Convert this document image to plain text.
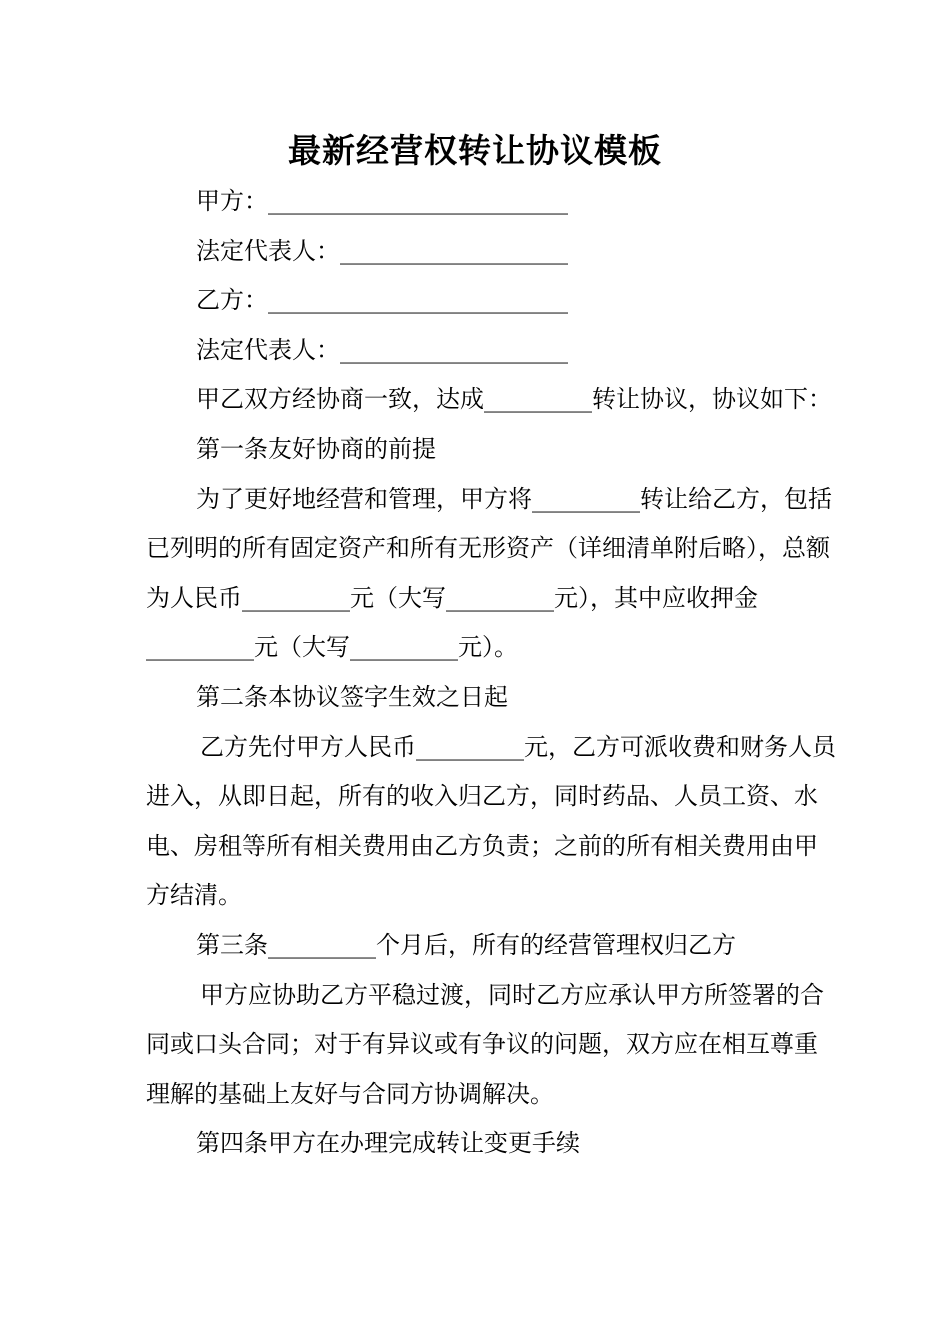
最新经营权转让协议模板

甲方：_________________________

法定代表人：___________________

乙方：_________________________

法定代表人：___________________

甲乙双方经协商一致，达成_________转让协议，协议如下：

第一条友好协商的前提

为了更好地经营和管理，甲方将_________转让给乙方，包括已列明的所有固定资产和所有无形资产（详细清单附后略），总额为人民币_________元（大写_________元），其中应收押金_________元（大写_________元）。

第二条本协议签字生效之日起

乙方先付甲方人民币_________元，乙方可派收费和财务人员进入，从即日起，所有的收入归乙方，同时药品、人员工资、水电、房租等所有相关费用由乙方负责；之前的所有相关费用由甲方结清。

第三条_________个月后，所有的经营管理权归乙方

甲方应协助乙方平稳过渡，同时乙方应承认甲方所签署的合同或口头合同；对于有异议或有争议的问题，双方应在相互尊重理解的基础上友好与合同方协调解决。

第四条甲方在办理完成转让变更手续
